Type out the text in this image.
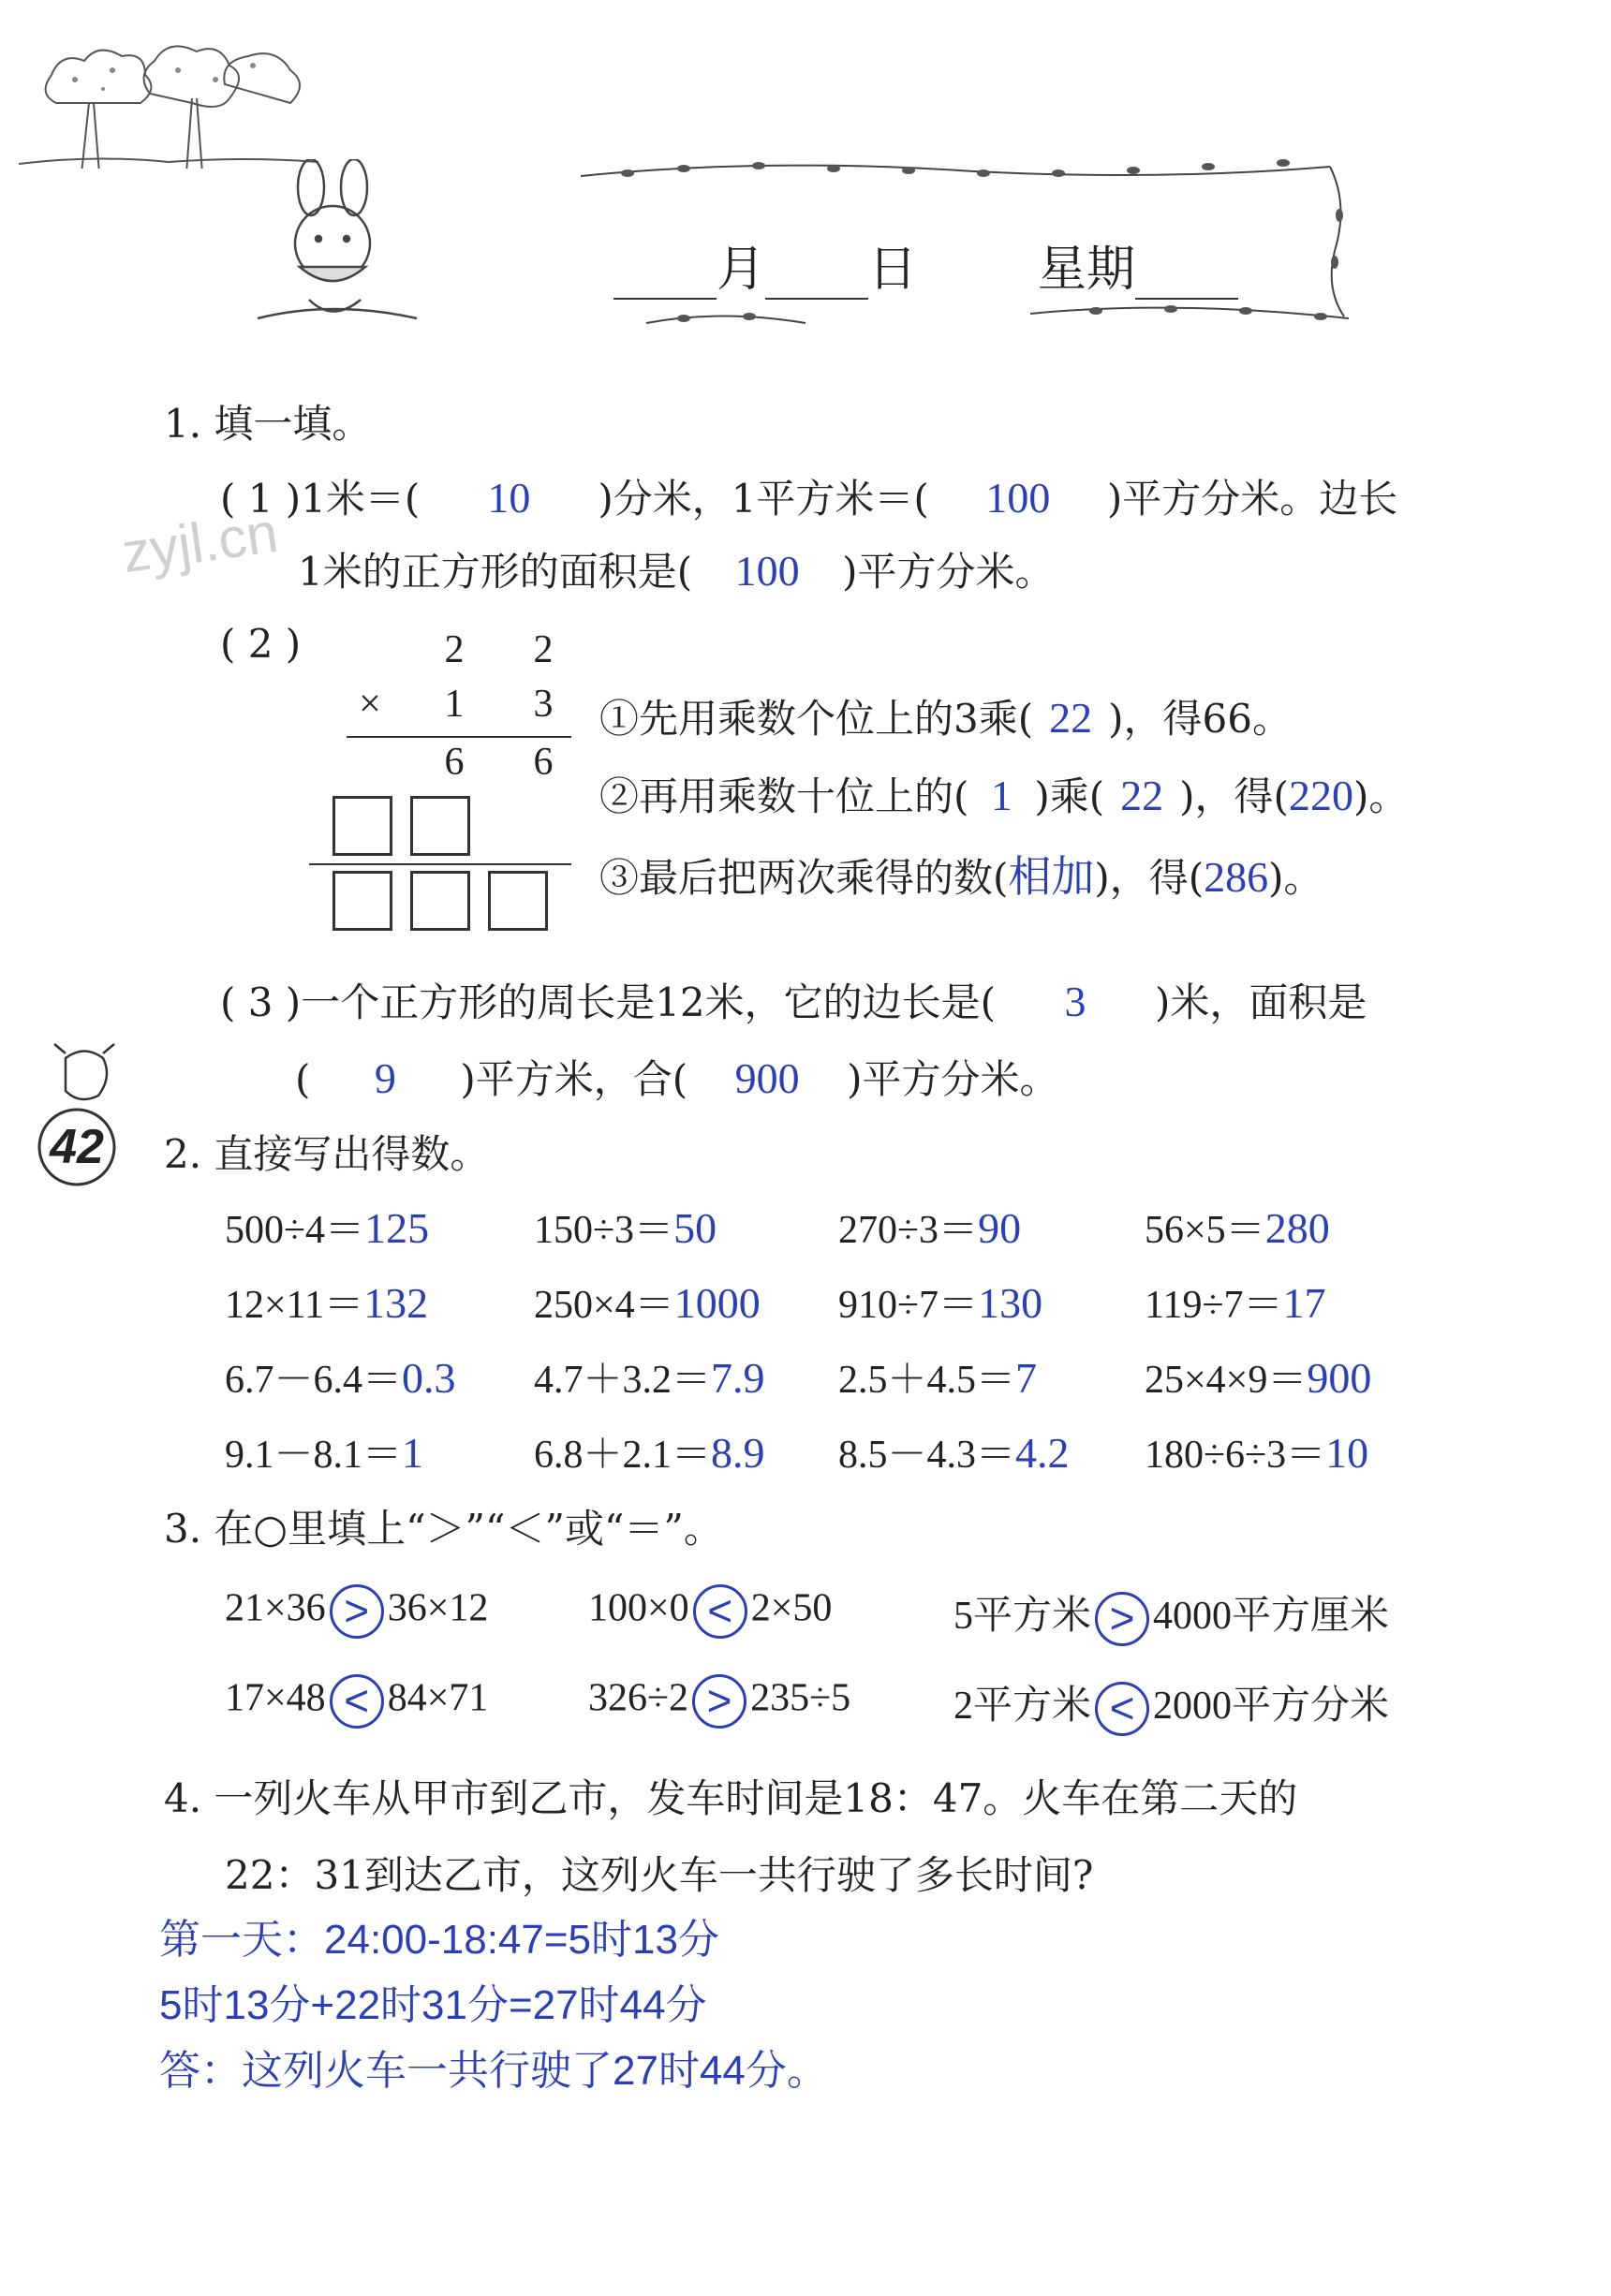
月 日 星期
zyjl.cn
42
1. 填一填。
( 1 )1米＝( 10 )分米，1平方米＝( 100 )平方分米。边长
1米的正方形的面积是( 100 )平方分米。
( 2 )	2 2
× 1 3
6 6
①先用乘数个位上的3乘( 22 )，得66。
②再用乘数十位上的( 1 )乘( 22 )，得(220)。
③最后把两次乘得的数(相加)，得(286)。
( 3 )一个正方形的周长是12米，它的边长是( 3 )米，面积是
( 9 )平方米，合( 900 )平方分米。
2. 直接写出得数。
500÷4＝125	150÷3＝50	270÷3＝90	56×5＝280
12×11＝132	250×4＝1000 910÷7＝130	119÷7＝17
6.7－6.4＝0.3 4.7＋3.2＝7.9 2.5＋4.5＝7	25×4×9＝900
9.1－8.1＝1	6.8＋2.1＝8.9 8.5－4.3＝4.2 180÷6÷3＝10
3. 在○里填上“＞”“＜”或“＝”。
21×36 > 36×12	100×0 < 2×50	5平方米 > 4000平方厘米
17×48 < 84×71	326÷2 > 235÷5	2平方米 < 2000平方分米
4. 一列火车从甲市到乙市，发车时间是18：47。火车在第二天的
22：31到达乙市，这列火车一共行驶了多长时间?
第一天：24:00-18:47=5时13分
5时13分+22时31分=27时44分
答：这列火车一共行驶了27时44分。
